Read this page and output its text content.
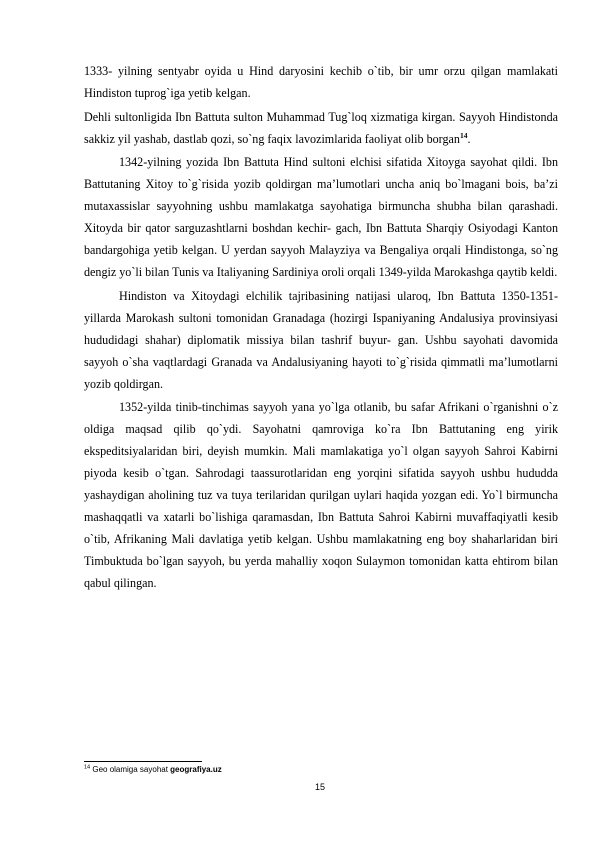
1333- yilning sentyabr oyida u Hind daryosini kechib o`tib, bir umr orzu qilgan mamlakati Hindiston tuprog`iga yetib kelgan.

Dehli sultonligida Ibn Battuta sulton Muhammad Tug`loq xizmatiga kirgan. Sayyoh Hindistonda sakkiz yil yashab, dastlab qozi, so`ng faqix lavozimlarida faoliyat olib borgan$^{14}$.

1342-yilning yozida Ibn Battuta Hind sultoni elchisi sifatida Xitoyga sayohat qildi. Ibn Battutaning Xitoy to`g`risida yozib qoldirgan ma’lumotlari uncha aniq bo`lmagani bois, ba’zi mutaxassislar sayyohning ushbu mamlakatga sayohatiga birmuncha shubha bilan qarashadi. Xitoyda bir qator sarguzashtlarni boshdan kechir- gach, Ibn Battuta Sharqiy Osiyodagi Kanton bandargohiga yetib kelgan. U yerdan sayyoh Malayziya va Bengaliya orqali Hindistonga, so`ng dengiz yo`li bilan Tunis va Italiyaning Sardiniya oroli orqali 1349-yilda Marokashga qaytib keldi.

Hindiston va Xitoydagi elchilik tajribasining natijasi ularoq, Ibn Battuta 1350-1351-yillarda Marokash sultoni tomonidan Granadaga (hozirgi Ispaniyaning Andalusiya provinsiyasi hududidagi shahar) diplomatik missiya bilan tashrif buyur- gan. Ushbu sayohati davomida sayyoh o`sha vaqtlardagi Granada va Andalusiyaning hayoti to`g`risida qimmatli ma’lumotlarni yozib qoldirgan.

1352-yilda tinib-tinchimas sayyoh yana yo`lga otlanib, bu safar Afrikani o`rganishni o`z oldiga maqsad qilib qo`ydi. Sayohatni qamroviga ko`ra Ibn Battutaning eng yirik ekspeditsiyalaridan biri, deyish mumkin. Mali mamlakatiga yo`l olgan sayyoh Sahroi Kabirni piyoda kesib o`tgan. Sahrodagi taassurotlaridan eng yorqini sifatida sayyoh ushbu hududda yashaydigan aholining tuz va tuya terilaridan qurilgan uylari haqida yozgan edi. Yo`l birmuncha mashaqqatli va xatarli bo`lishiga qaramasdan, Ibn Battuta Sahroi Kabirni muvaffaqiyatli kesib o`tib, Afrikaning Mali davlatiga yetib kelgan. Ushbu mamlakatning eng boy shaharlaridan biri Timbuktuda bo`lgan sayyoh, bu yerda mahalliy xoqon Sulaymon tomonidan katta ehtirom bilan qabul qilingan.

$^{14}$ Geo olamiga sayohat geografiya.uz
15
